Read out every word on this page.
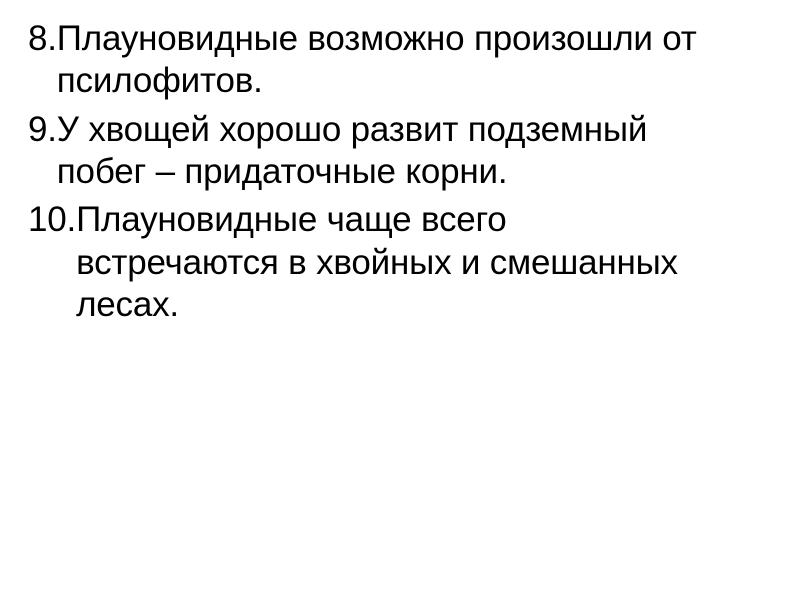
8. Плауновидные возможно произошли от псилофитов.
9. У хвощей хорошо развит подземный побег – придаточные корни.
10. Плауновидные чаще всего встречаются в хвойных и смешанных лесах.
